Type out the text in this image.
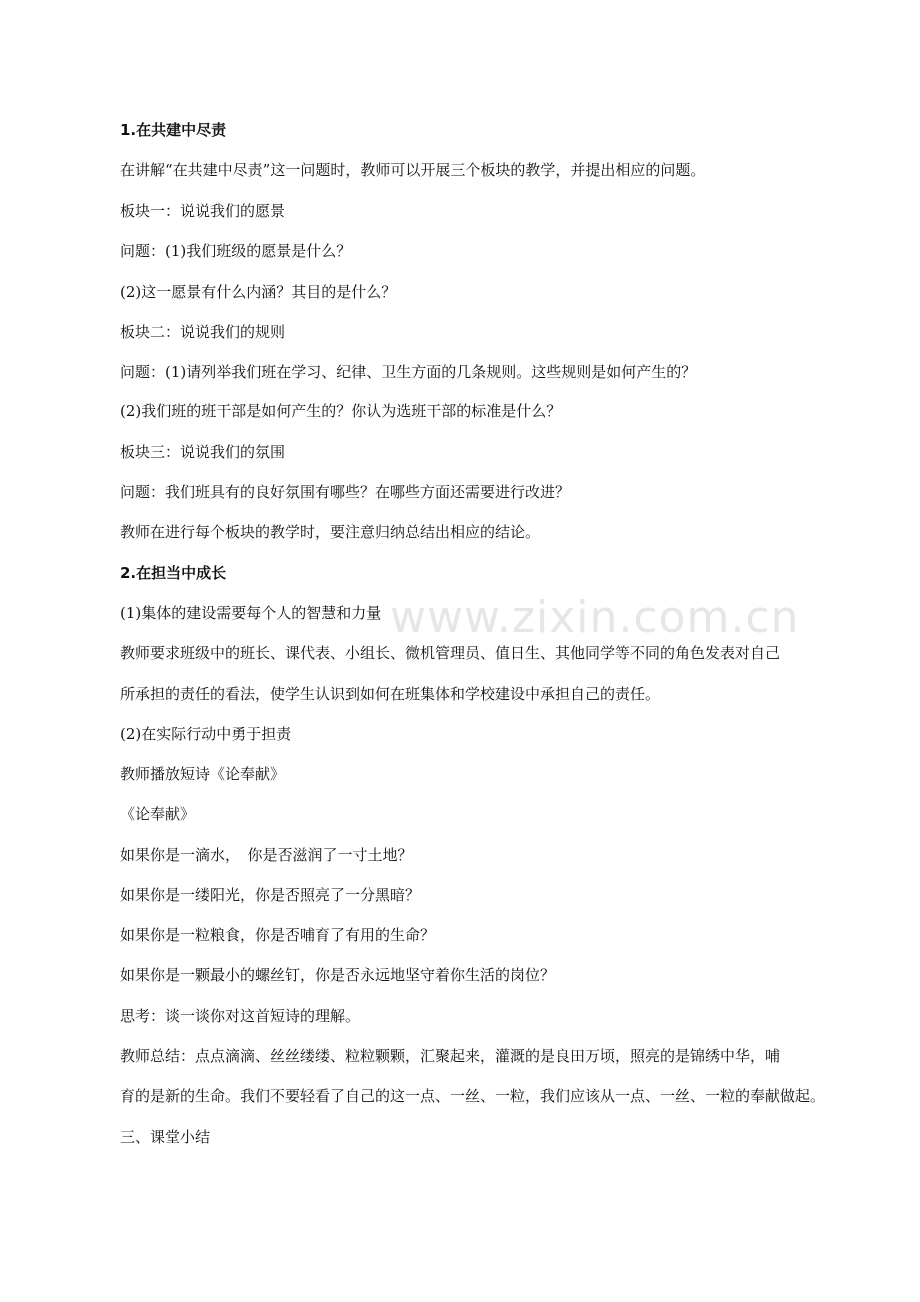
www.zixin.com.cn
1.在共建中尽责
在讲解“在共建中尽责”这一问题时，教师可以开展三个板块的教学，并提出相应的问题。
板块一：说说我们的愿景
问题：(1)我们班级的愿景是什么？
(2)这一愿景有什么内涵？其目的是什么？
板块二：说说我们的规则
问题：(1)请列举我们班在学习、纪律、卫生方面的几条规则。这些规则是如何产生的？
(2)我们班的班干部是如何产生的？你认为选班干部的标准是什么？
板块三：说说我们的氛围
问题：我们班具有的良好氛围有哪些？在哪些方面还需要进行改进？
教师在进行每个板块的教学时，要注意归纳总结出相应的结论。
2.在担当中成长
(1)集体的建设需要每个人的智慧和力量
教师要求班级中的班长、课代表、小组长、微机管理员、值日生、其他同学等不同的角色发表对自己
所承担的责任的看法，使学生认识到如何在班集体和学校建设中承担自己的责任。
(2)在实际行动中勇于担责
教师播放短诗《论奉献》
《论奉献》
如果你是一滴水，　你是否滋润了一寸土地？
如果你是一缕阳光，你是否照亮了一分黑暗？
如果你是一粒粮食，你是否哺育了有用的生命？
如果你是一颗最小的螺丝钉，你是否永远地坚守着你生活的岗位？
思考：谈一谈你对这首短诗的理解。
教师总结：点点滴滴、丝丝缕缕、粒粒颗颗，汇聚起来，灌溉的是良田万顷，照亮的是锦绣中华，哺
育的是新的生命。我们不要轻看了自己的这一点、一丝、一粒，我们应该从一点、一丝、一粒的奉献做起。
三、课堂小结
